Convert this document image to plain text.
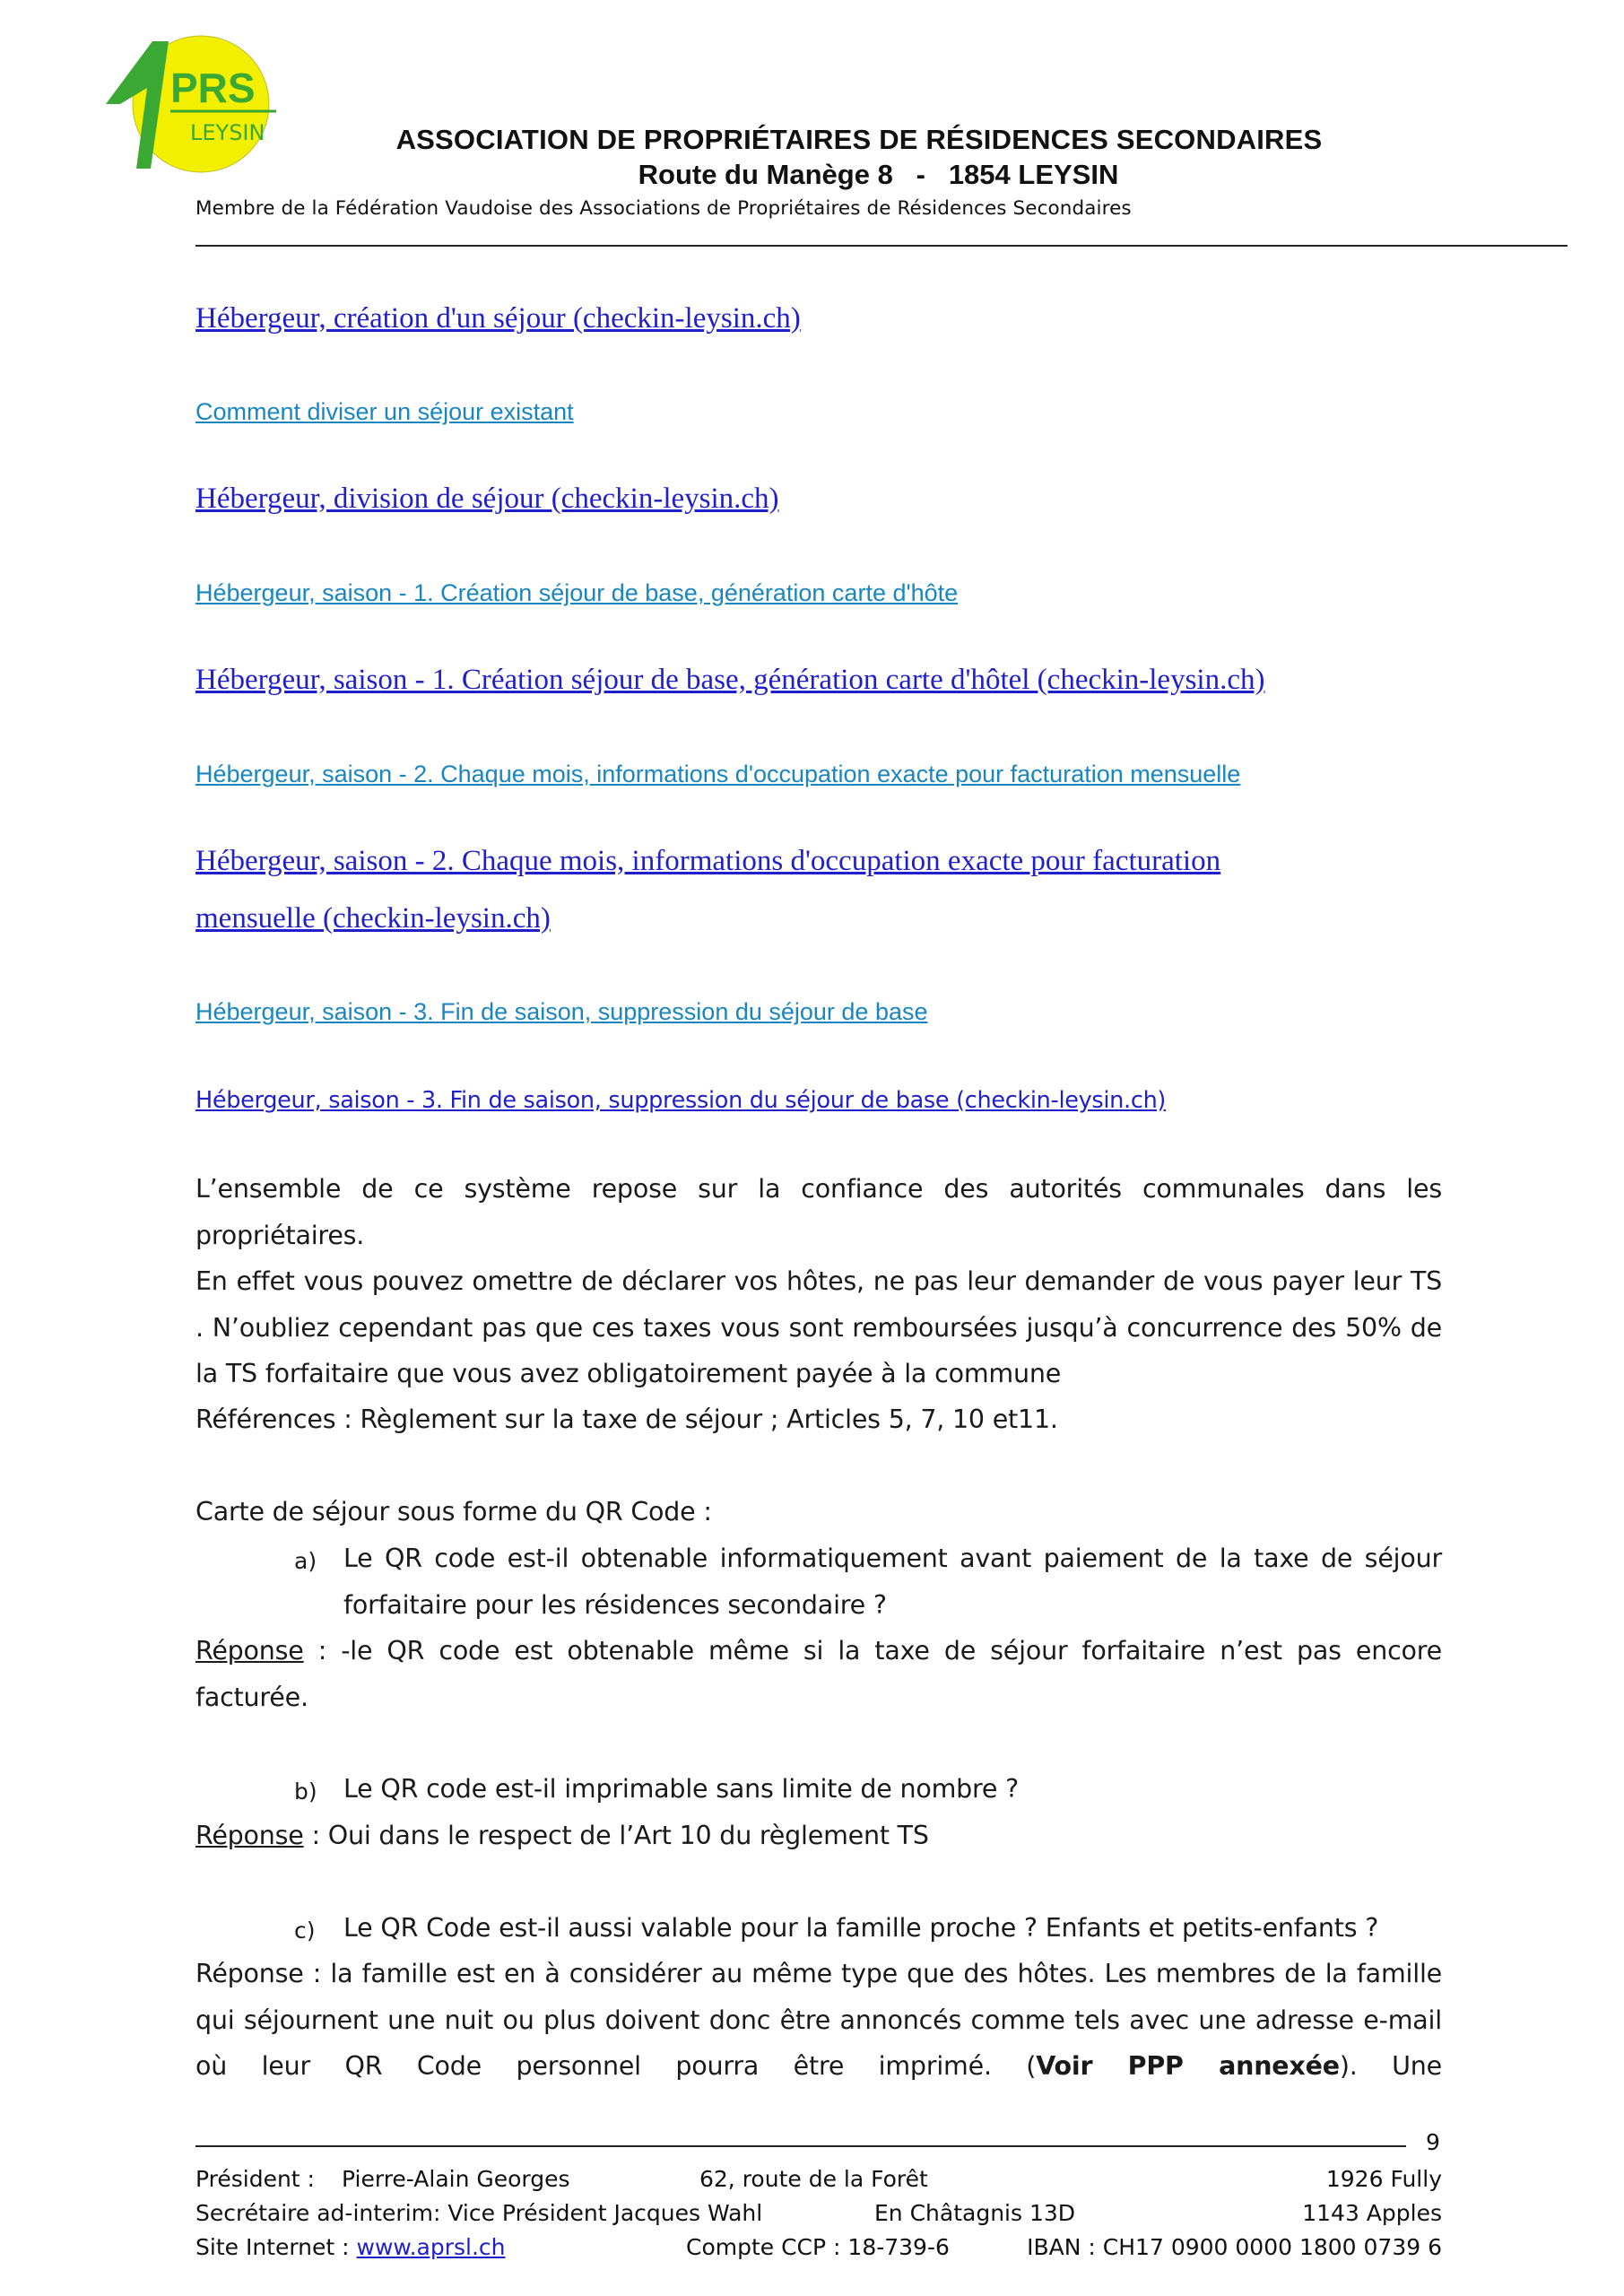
PRS
LEYSIN	ASSOCIATION DE PROPRIÉTAIRES DE RÉSIDENCES SECONDAIRES
Route du Manège 8   -   1854 LEYSIN
Membre de la Fédération Vaudoise des Associations de Propriétaires de Résidences Secondaires
Hébergeur, création d'un séjour (checkin-leysin.ch)
Comment diviser un séjour existant
Hébergeur, division de séjour (checkin-leysin.ch)
Hébergeur, saison - 1. Création séjour de base, génération carte d'hôte
Hébergeur, saison - 1. Création séjour de base, génération carte d'hôtel (checkin-leysin.ch)
Hébergeur, saison - 2. Chaque mois, informations d'occupation exacte pour facturation mensuelle
Hébergeur, saison - 2. Chaque mois, informations d'occupation exacte pour facturation
mensuelle (checkin-leysin.ch)
Hébergeur, saison - 3. Fin de saison, suppression du séjour de base
Hébergeur, saison - 3. Fin de saison, suppression du séjour de base (checkin-leysin.ch)
L’ensemble de ce système repose sur la confiance des autorités communales dans les propriétaires.
En effet vous pouvez omettre de déclarer vos hôtes, ne pas leur demander de vous payer leur TS . N’oubliez cependant pas que ces taxes vous sont remboursées jusqu’à concurrence des 50% de la TS forfaitaire que vous avez obligatoirement payée à la commune
Références : Règlement sur la taxe de séjour ; Articles 5, 7, 10 et11.
Carte de séjour sous forme du QR Code :
a) Le QR code est-il obtenable informatiquement avant paiement de la taxe de séjour forfaitaire pour les résidences secondaire ?
Réponse : -le QR code est obtenable même si la taxe de séjour forfaitaire n’est pas encore facturée.
b) Le QR code est-il imprimable sans limite de nombre ?
Réponse : Oui dans le respect de l’Art 10 du règlement TS
c) Le QR Code est-il aussi valable pour la famille proche ? Enfants et petits-enfants ?
Réponse : la famille est en à considérer au même type que des hôtes. Les membres de la famille qui séjournent une nuit ou plus doivent donc être annoncés comme tels avec une adresse e-mail où leur QR Code personnel pourra être imprimé. (Voir PPP annexée). Une
9
Président : Pierre-Alain Georges	62, route de la Forêt	1926 Fully
Secrétaire ad-interim: Vice Président Jacques Wahl	En Châtagnis 13D	1143 Apples
Site Internet : www.aprsl.ch	Compte CCP : 18-739-6	IBAN : CH17 0900 0000 1800 0739 6
